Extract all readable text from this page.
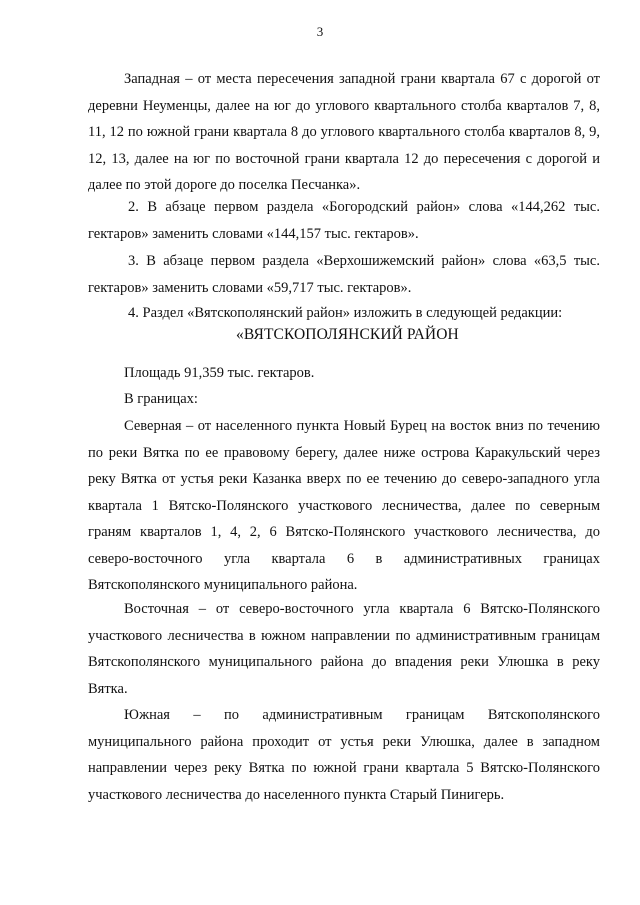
3

Западная – от места пересечения западной грани квартала 67 с дорогой от деревни Неуменцы, далее на юг до углового квартального столба кварталов 7, 8, 11, 12 по южной грани квартала 8 до углового квартального столба кварталов 8, 9, 12, 13, далее на юг по восточной грани квартала 12 до пересечения с дорогой и далее по этой дороге до поселка Песчанка».

2. В абзаце первом раздела «Богородский район» слова «144,262 тыс. гектаров» заменить словами «144,157 тыс. гектаров».

3. В абзаце первом раздела «Верхошижемский район» слова «63,5 тыс. гектаров» заменить словами «59,717 тыс. гектаров».

4. Раздел «Вятскополянский район» изложить в следующей редакции:

«ВЯТСКОПОЛЯНСКИЙ РАЙОН

Площадь 91,359 тыс. гектаров.

В границах:

Северная – от населенного пункта Новый Бурец на восток вниз по течению по реки Вятка по ее правовому берегу, далее ниже острова Каракульский через реку Вятка от устья реки Казанка вверх по ее течению до северо-западного угла квартала 1 Вятско-Полянского участкового лесничества, далее по северным граням кварталов 1, 4, 2, 6 Вятско-Полянского участкового лесничества, до северо-восточного угла квартала 6 в административных границах Вятскополянского муниципального района.

Восточная – от северо-восточного угла квартала 6 Вятско-Полянского участкового лесничества в южном направлении по административным границам Вятскополянского муниципального района до впадения реки Улюшка в реку Вятка.

Южная – по административным границам Вятскополянского муниципального района проходит от устья реки Улюшка, далее в западном направлении через реку Вятка по южной грани квартала 5 Вятско-Полянского участкового лесничества до населенного пункта Старый Пинигерь.
